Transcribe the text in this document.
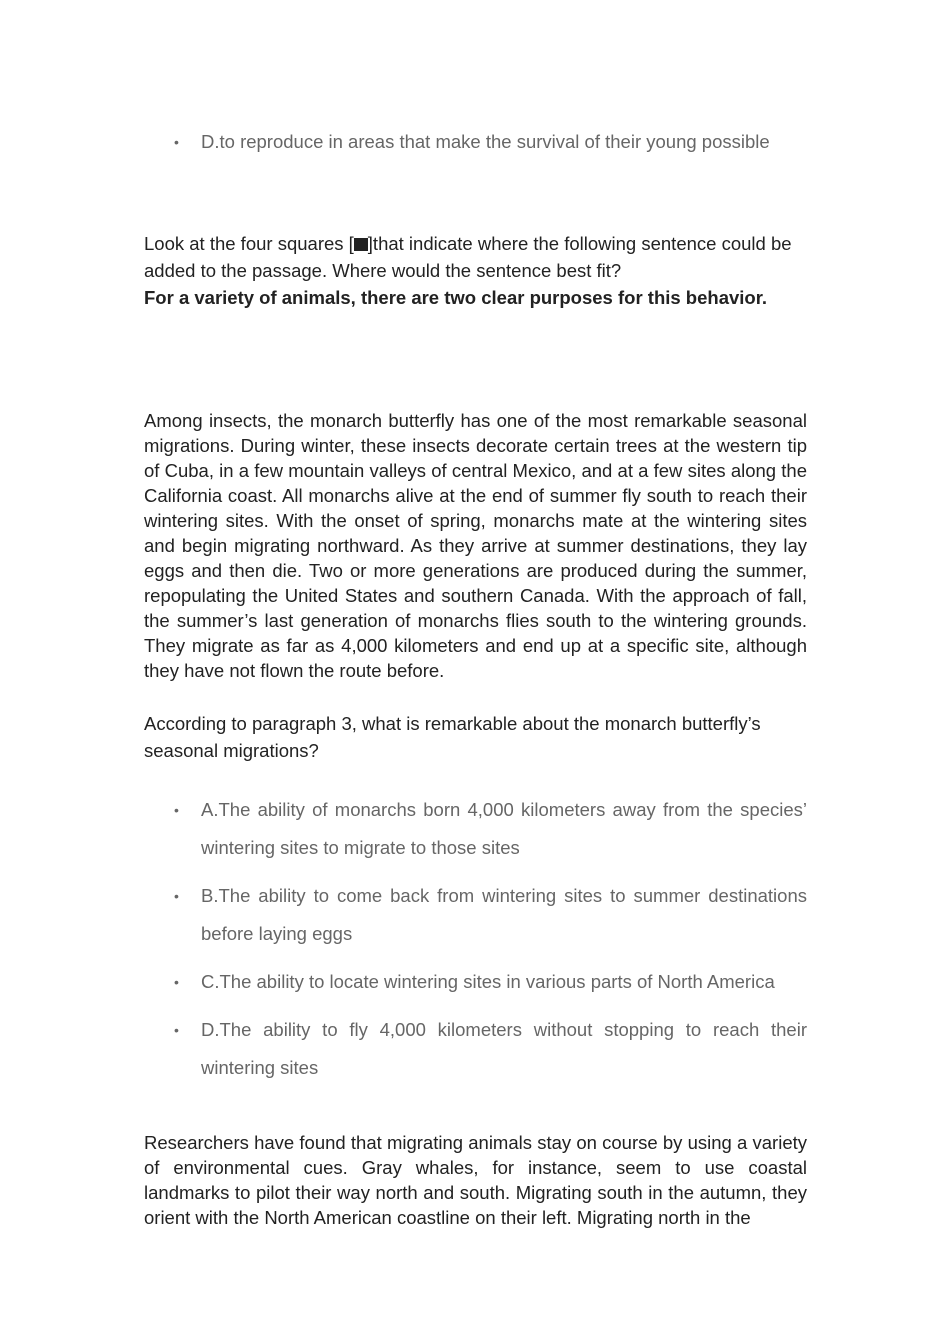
• D.to reproduce in areas that make the survival of their young possible
Look at the four squares [ ]that indicate where the following sentence could be added to the passage. Where would the sentence best fit?
For a variety of animals, there are two clear purposes for this behavior.

Among insects, the monarch butterfly has one of the most remarkable seasonal migrations. During winter, these insects decorate certain trees at the western tip of Cuba, in a few mountain valleys of central Mexico, and at a few sites along the California coast. All monarchs alive at the end of summer fly south to reach their wintering sites. With the onset of spring, monarchs mate at the wintering sites and begin migrating northward. As they arrive at summer destinations, they lay eggs and then die. Two or more generations are produced during the summer, repopulating the United States and southern Canada. With the approach of fall, the summer’s last generation of monarchs flies south to the wintering grounds. They migrate as far as 4,000 kilometers and end up at a specific site, although they have not flown the route before.

According to paragraph 3, what is remarkable about the monarch butterfly’s seasonal migrations?

• A.The ability of monarchs born 4,000 kilometers away from the species’ wintering sites to migrate to those sites
• B.The ability to come back from wintering sites to summer destinations before laying eggs
• C.The ability to locate wintering sites in various parts of North America
• D.The ability to fly 4,000 kilometers without stopping to reach their wintering sites

Researchers have found that migrating animals stay on course by using a variety of environmental cues. Gray whales, for instance, seem to use coastal landmarks to pilot their way north and south. Migrating south in the autumn, they orient with the North American coastline on their left. Migrating north in the
